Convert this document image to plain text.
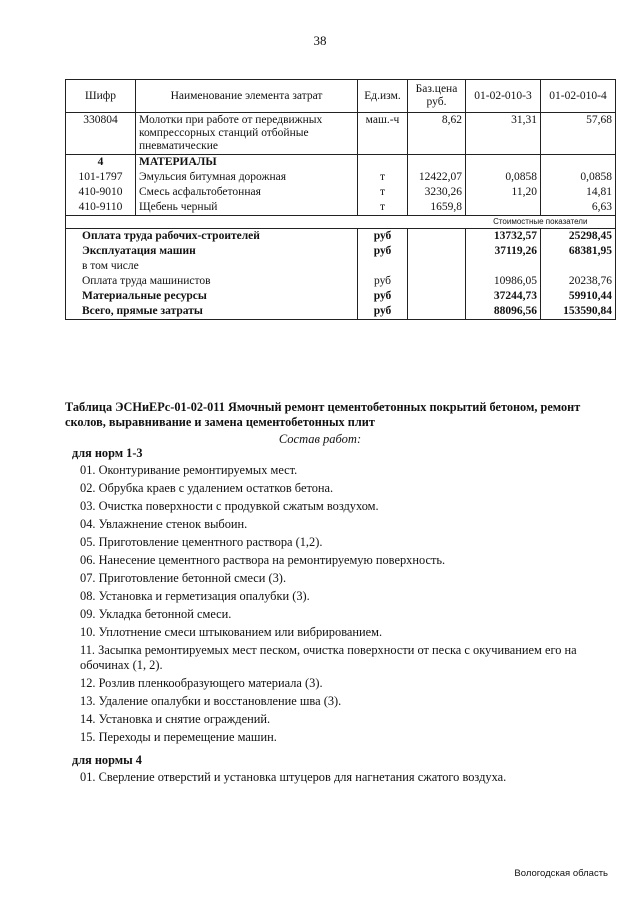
38
Шифр	Наименование элемента затрат	Ед.изм.	Баз.цена руб.	01-02-010-3	01-02-010-4
330804	Молотки при работе от передвижных компрессорных станций отбойные пневматические	маш.-ч	8,62	31,31	57,68
4	МАТЕРИАЛЫ				
101-1797	Эмульсия битумная дорожная	т	12422,07	0,0858	0,0858
410-9010	Смесь асфальтобетонная	т	3230,26	11,20	14,81
410-9110	Щебень черный	т	1659,8		6,63
				Стоимостные показатели	
Оплата труда рабочих-строителей		руб		13732,57	25298,45
Эксплуатация машин		руб		37119,26	68381,95
в том числе					
Оплата труда машинистов		руб		10986,05	20238,76
Материальные ресурсы		руб		37244,73	59910,44
Всего, прямые затраты		руб		88096,56	153590,84
Таблица ЭСНиЕРс-01-02-011 Ямочный ремонт цементобетонных покрытий бетоном, ремонт сколов, выравнивание и замена цементобетонных плит
Состав работ:
для норм 1-3
01. Оконтуривание ремонтируемых мест.
02. Обрубка краев с удалением остатков бетона.
03. Очистка поверхности с продувкой сжатым воздухом.
04. Увлажнение стенок выбоин.
05. Приготовление цементного раствора (1,2).
06. Нанесение цементного раствора на ремонтируемую поверхность.
07. Приготовление бетонной смеси (3).
08. Установка и герметизация опалубки (3).
09. Укладка бетонной смеси.
10. Уплотнение смеси штыкованием или вибрированием.
11. Засыпка ремонтируемых мест песком, очистка поверхности от песка с окучиванием его на обочинах (1, 2).
12. Розлив пленкообразующего материала (3).
13. Удаление опалубки и восстановление шва (3).
14. Установка и снятие ограждений.
15. Переходы и перемещение машин.
для нормы 4
01. Сверление отверстий и установка штуцеров для нагнетания сжатого воздуха.
Вологодская область
